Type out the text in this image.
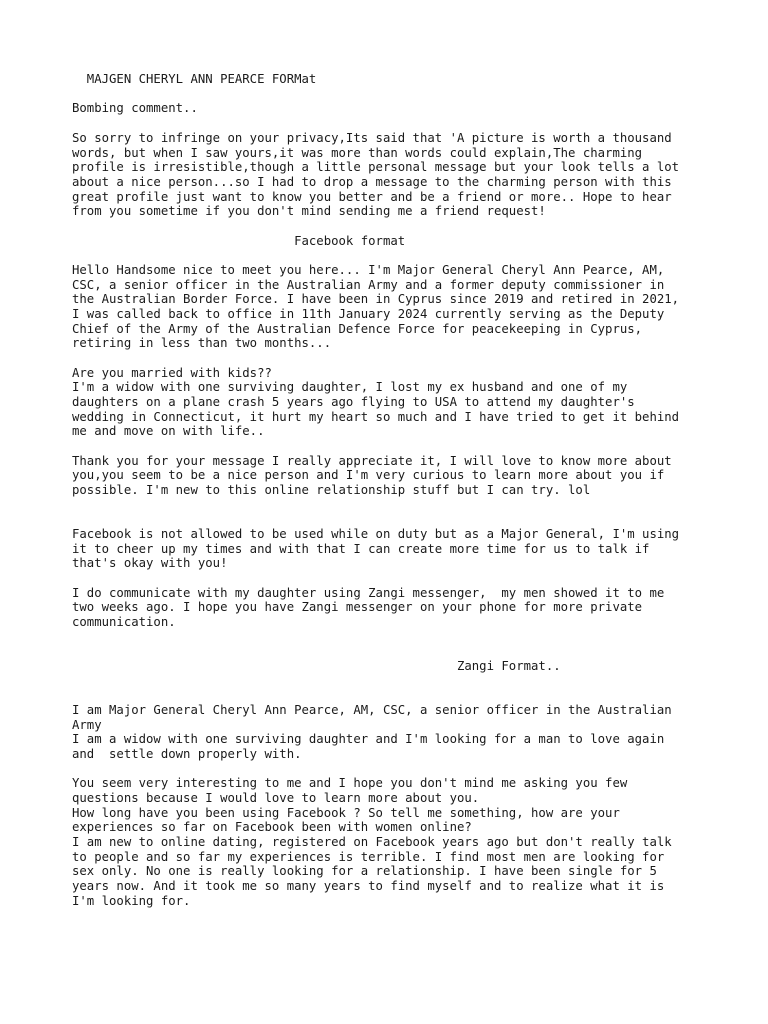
MAJGEN CHERYL ANN PEARCE FORMat

Bombing comment..

So sorry to infringe on your privacy,Its said that 'A picture is worth a thousand

words, but when I saw yours,it was more than words could explain,The charming

profile is irresistible,though a little personal message but your look tells a lot

about a nice person...so I had to drop a message to the charming person with this

great profile just want to know you better and be a friend or more.. Hope to hear

from you sometime if you don't mind sending me a friend request!

Facebook format

Hello Handsome nice to meet you here... I'm Major General Cheryl Ann Pearce, AM,

CSC, a senior officer in the Australian Army and a former deputy commissioner in

the Australian Border Force. I have been in Cyprus since 2019 and retired in 2021,

I was called back to office in 11th January 2024 currently serving as the Deputy

Chief of the Army of the Australian Defence Force for peacekeeping in Cyprus,

retiring in less than two months...

Are you married with kids??

I'm a widow with one surviving daughter, I lost my ex husband and one of my

daughters on a plane crash 5 years ago flying to USA to attend my daughter's

wedding in Connecticut, it hurt my heart so much and I have tried to get it behind

me and move on with life..

Thank you for your message I really appreciate it, I will love to know more about

you,you seem to be a nice person and I'm very curious to learn more about you if

possible. I'm new to this online relationship stuff but I can try. lol

Facebook is not allowed to be used while on duty but as a Major General, I'm using

it to cheer up my times and with that I can create more time for us to talk if

that's okay with you!

I do communicate with my daughter using Zangi messenger,  my men showed it to me

two weeks ago. I hope you have Zangi messenger on your phone for more private

communication.

Zangi Format..

I am Major General Cheryl Ann Pearce, AM, CSC, a senior officer in the Australian

Army

I am a widow with one surviving daughter and I'm looking for a man to love again

and  settle down properly with.

You seem very interesting to me and I hope you don't mind me asking you few

questions because I would love to learn more about you.

How long have you been using Facebook ? So tell me something, how are your

experiences so far on Facebook been with women online?

I am new to online dating, registered on Facebook years ago but don't really talk

to people and so far my experiences is terrible. I find most men are looking for

sex only. No one is really looking for a relationship. I have been single for 5

years now. And it took me so many years to find myself and to realize what it is

I'm looking for.
